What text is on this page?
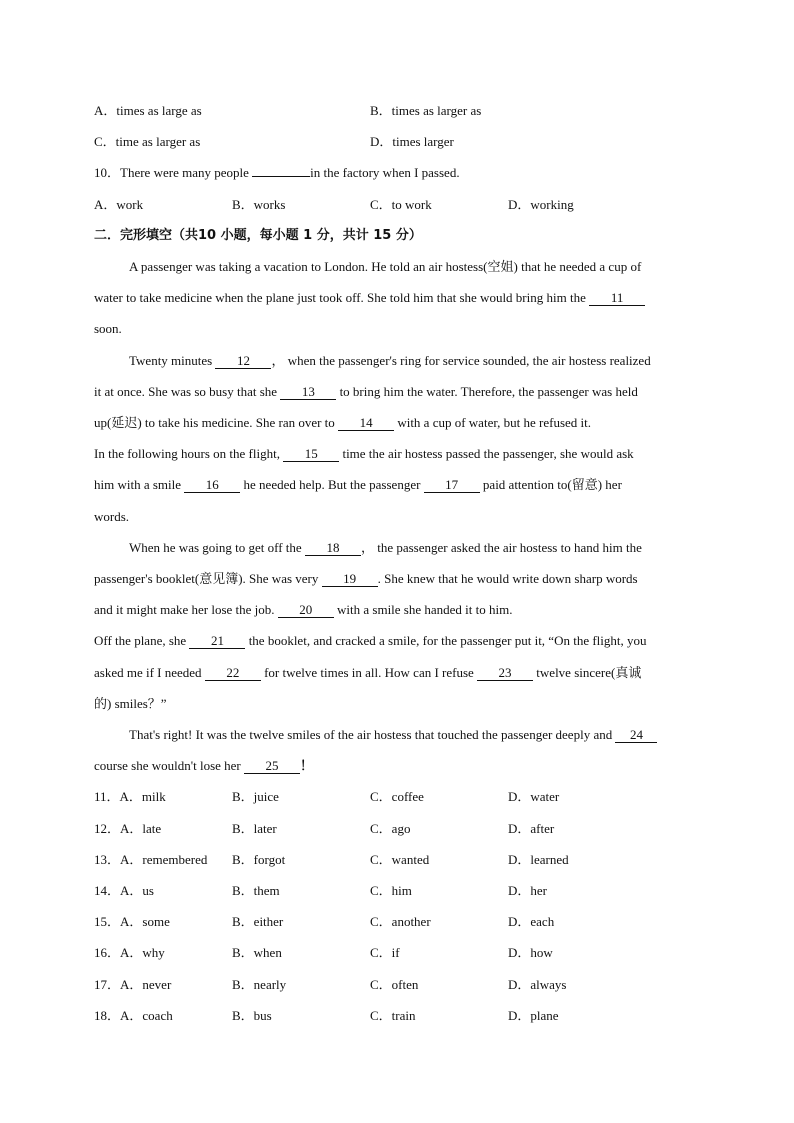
A．times as large as	B．times as larger as
C．time as larger as	D．times larger
10．There were many people	in the factory when I passed.
A．work	B．works	C．to work	D．working
二．完形填空（共10 小题，每小题 1 分，共计 15 分）
A passenger was taking a vacation to London. He told an air hostess(空姐) that he needed a cup of
water to take medicine when the plane just took off. She told him that she would bring him the 11
soon.
Twenty minutes 12 ， when the passenger's ring for service sounded, the air hostess realized
it at once. She was so busy that she 13 to bring him the water. Therefore, the passenger was held
up(延迟) to take his medicine. She ran over to 14 with a cup of water, but he refused it.
In the following hours on the flight, 15 time the air hostess passed the passenger, she would ask
him with a smile 16 he needed help. But the passenger 17 paid attention to(留意) her
words.
When he was going to get off the 18 ， the passenger asked the air hostess to hand him the
passenger's booklet(意见簿). She was very 19 . She knew that he would write down sharp words
and it might make her lose the job. 20 with a smile she handed it to him.
Off the plane, she 21 the booklet, and cracked a smile, for the passenger put it, “On the flight, you
asked me if I needed 22 for twelve times in all. How can I refuse 23 twelve sincere(真诚
的) smiles？”
That's right! It was the twelve smiles of the air hostess that touched the passenger deeply and 24
course she wouldn't lose her 25 ！
11．A．milk	B．juice	C．coffee	D．water
12．A．late	B．later	C．ago	D．after
13．A．remembered B．forgot	C．wanted	D．learned
14．A．us	B．them	C．him	D．her
15．A．some	B．either	C．another	D．each
16．A．why	B．when	C．if	D．how
17．A．never	B．nearly	C．often	D．always
18．A．coach	B．bus	C．train	D．plane
